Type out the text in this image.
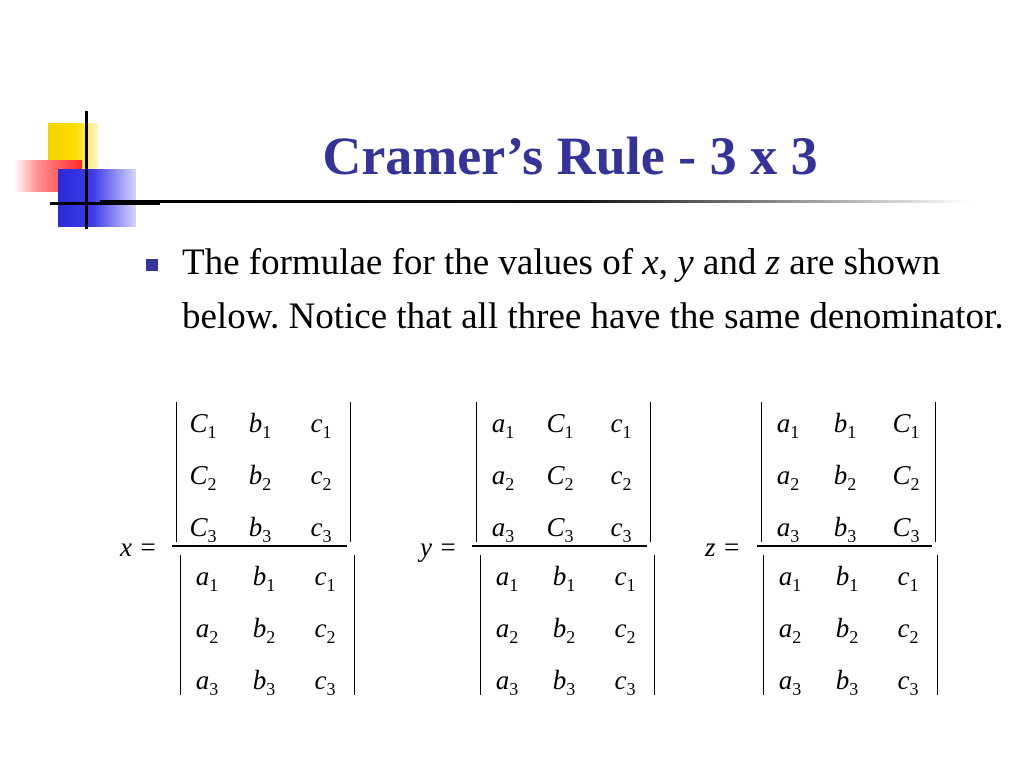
Cramer’s Rule - 3 x 3
The formulae for the values of x, y and z are shown below. Notice that all three have the same denominator.
x =
$C_1$	$b_1$	$c_1$
$C_2$	$b_2$	$c_2$
$C_3$	$b_3$	$c_3$
$a_1$	$b_1$	$c_1$
$a_2$	$b_2$	$c_2$
$a_3$	$b_3$	$c_3$
y =
$a_1$	$C_1$	$c_1$
$a_2$	$C_2$	$c_2$
$a_3$	$C_3$	$c_3$
$a_1$	$b_1$	$c_1$
$a_2$	$b_2$	$c_2$
$a_3$	$b_3$	$c_3$
z =
$a_1$	$b_1$	$C_1$
$a_2$	$b_2$	$C_2$
$a_3$	$b_3$	$C_3$
$a_1$	$b_1$	$c_1$
$a_2$	$b_2$	$c_2$
$a_3$	$b_3$	$c_3$
